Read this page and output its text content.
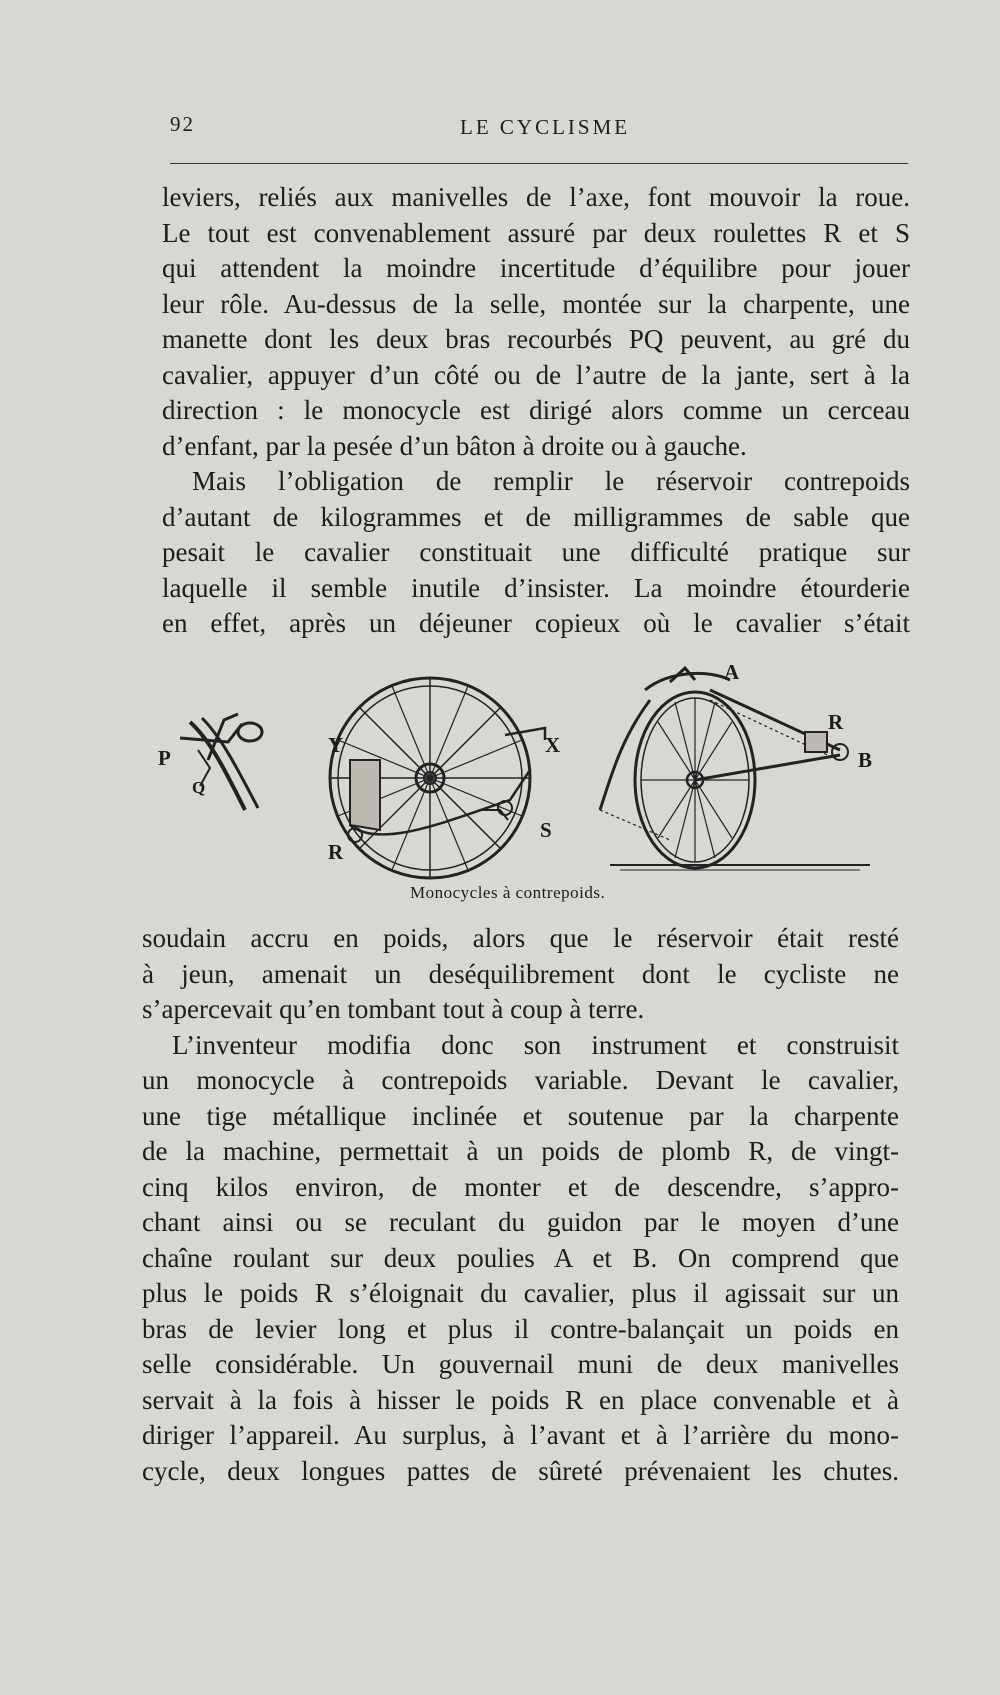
92	LE CYCLISME
leviers, reliés aux manivelles de l’axe, font mouvoir la roue.
Le tout est convenablement assuré par deux roulettes R et S
qui attendent la moindre incertitude d’équilibre pour jouer
leur rôle. Au-dessus de la selle, montée sur la charpente, une
manette dont les deux bras recourbés PQ peuvent, au gré du
cavalier, appuyer d’un côté ou de l’autre de la jante, sert à la
direction : le monocycle est dirigé alors comme un cerceau
d’enfant, par la pesée d’un bâton à droite ou à gauche.
Mais l’obligation de remplir le réservoir contrepoids
d’autant de kilogrammes et de milligrammes de sable que
pesait le cavalier constituait une difficulté pratique sur
laquelle il semble inutile d’insister. La moindre étourderie
en effet, après un déjeuner copieux où le cavalier s’était
P
Q
Y	X
R
S
A
R
B
Monocycles à contrepoids.
soudain accru en poids, alors que le réservoir était resté
à jeun, amenait un deséquilibrement dont le cycliste ne
s’apercevait qu’en tombant tout à coup à terre.
L’inventeur modifia donc son instrument et construisit
un monocycle à contrepoids variable. Devant le cavalier,
une tige métallique inclinée et soutenue par la charpente
de la machine, permettait à un poids de plomb R, de vingt-
cinq kilos environ, de monter et de descendre, s’appro-
chant ainsi ou se reculant du guidon par le moyen d’une
chaîne roulant sur deux poulies A et B. On comprend que
plus le poids R s’éloignait du cavalier, plus il agissait sur un
bras de levier long et plus il contre-balançait un poids en
selle considérable. Un gouvernail muni de deux manivelles
servait à la fois à hisser le poids R en place convenable et à
diriger l’appareil. Au surplus, à l’avant et à l’arrière du mono-
cycle, deux longues pattes de sûreté prévenaient les chutes.
